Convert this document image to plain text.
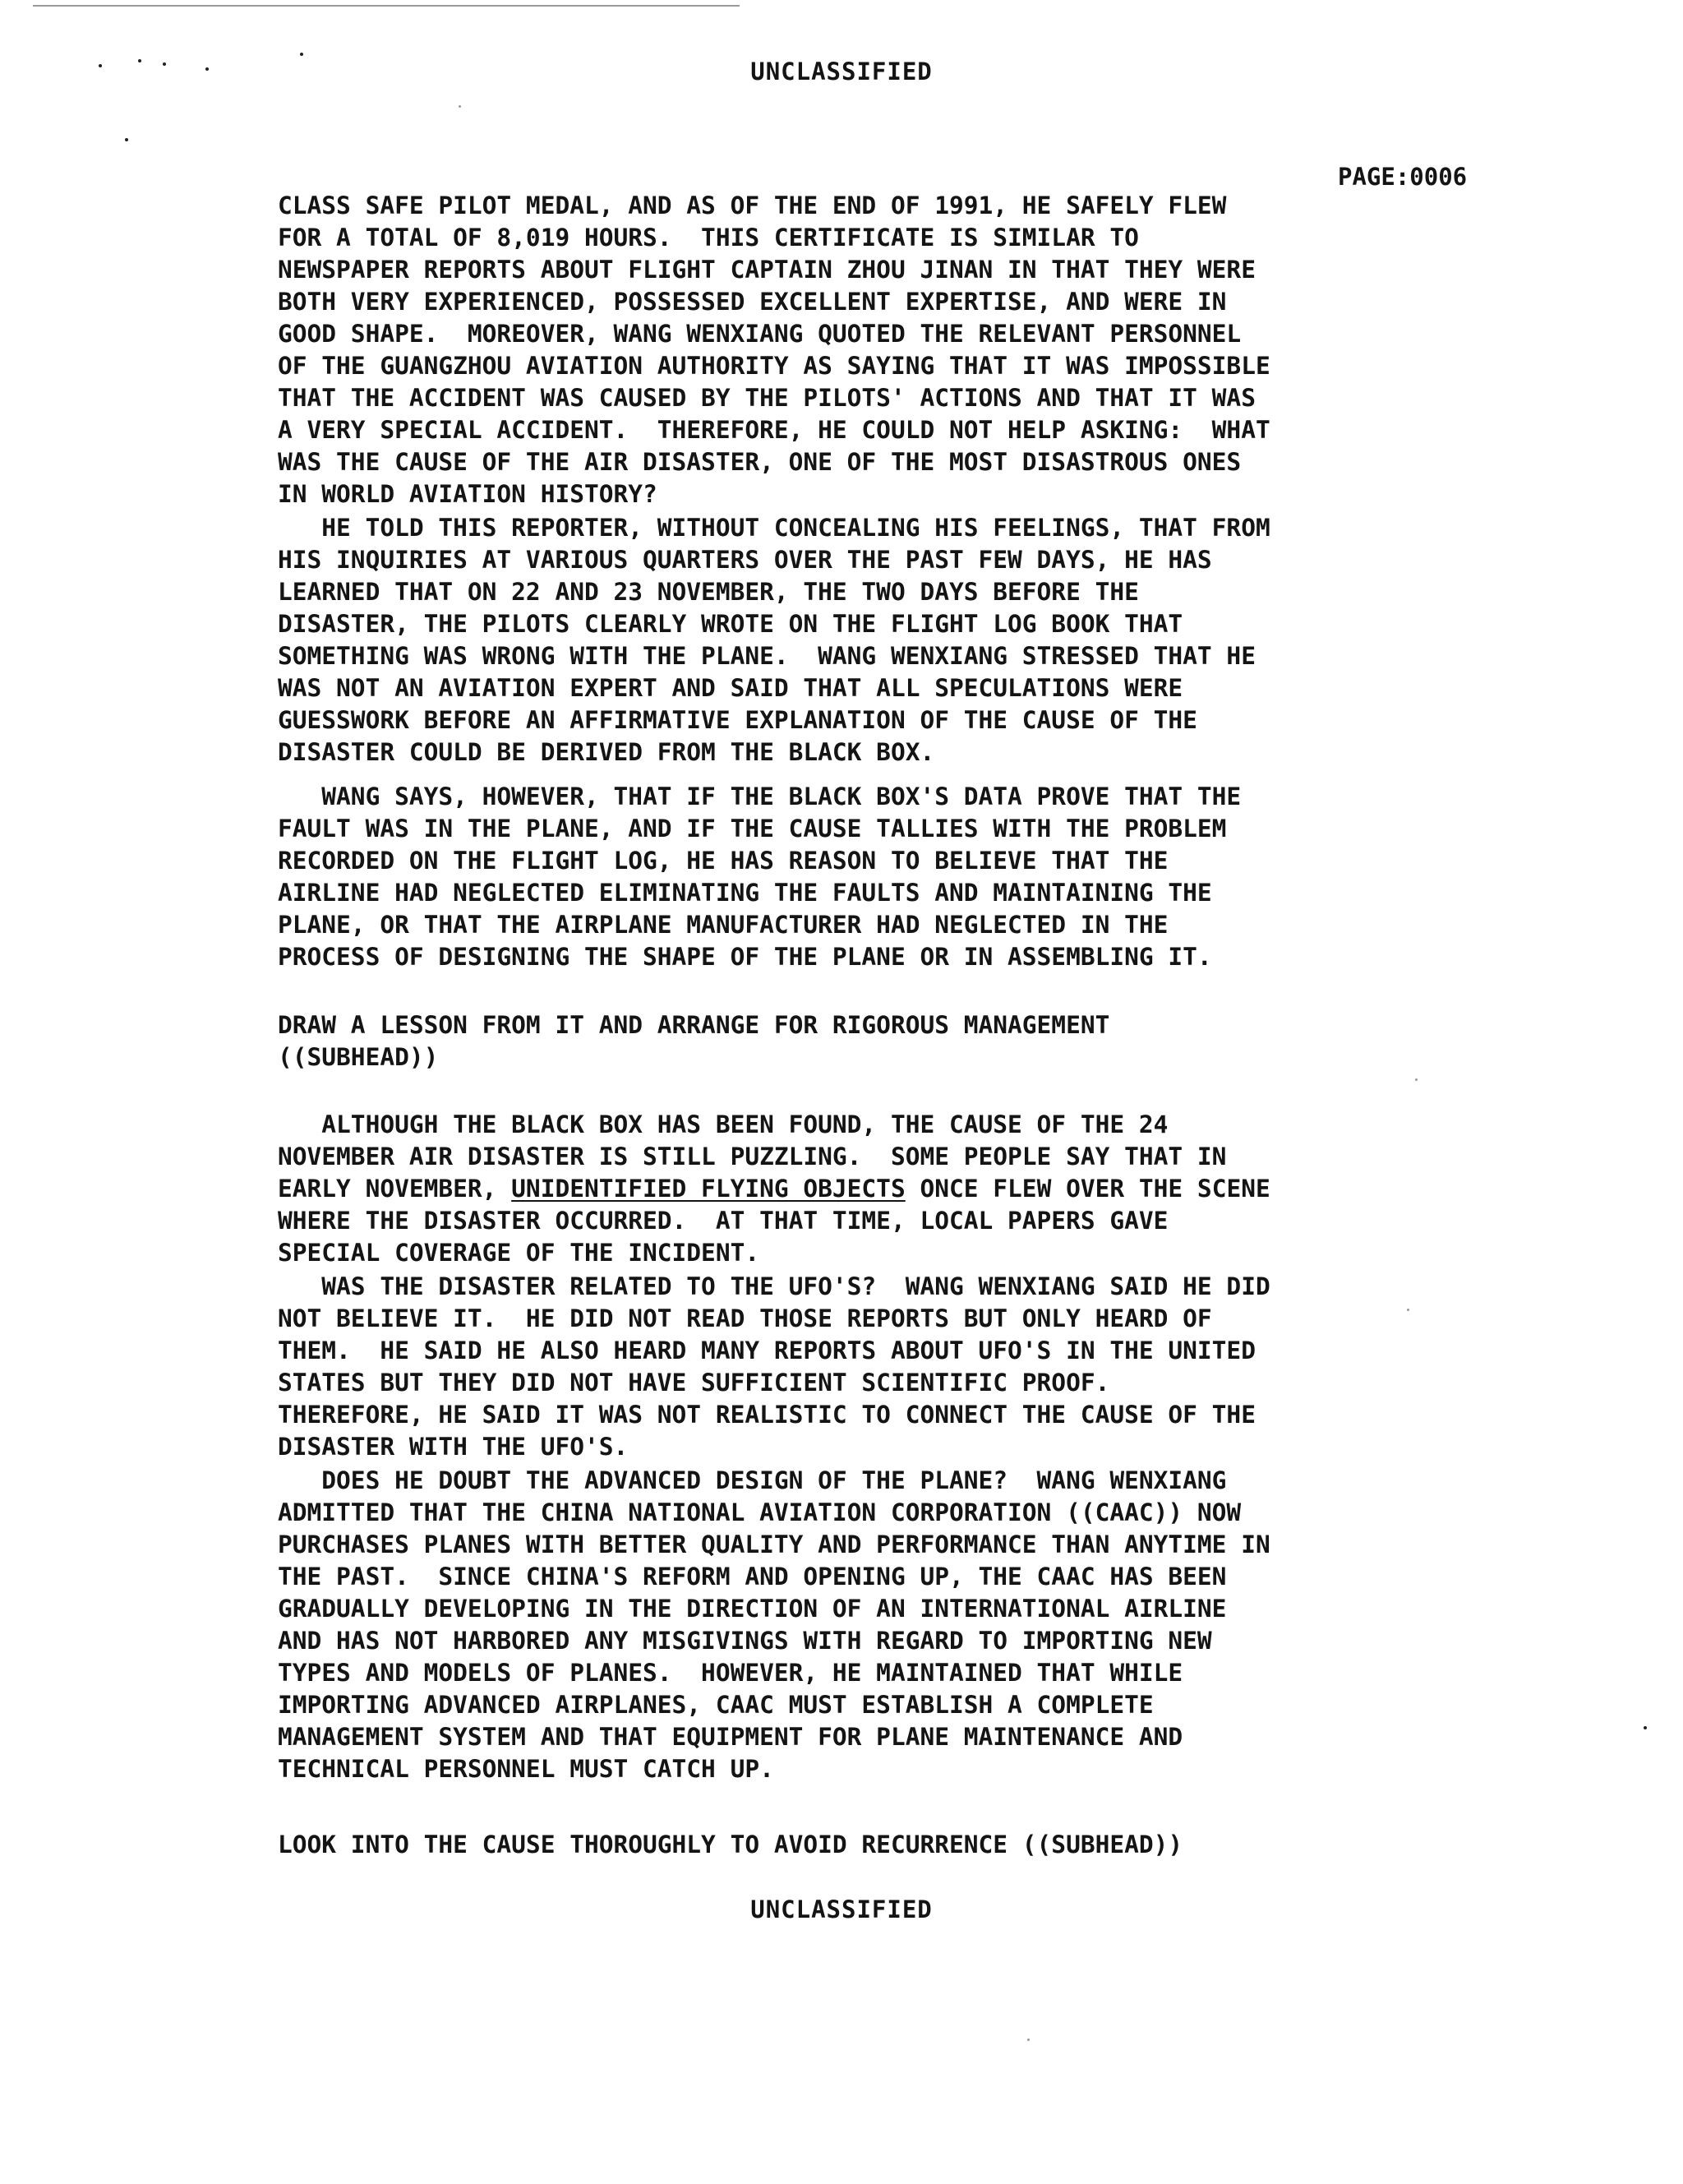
UNCLASSIFIED
PAGE:0006
CLASS SAFE PILOT MEDAL, AND AS OF THE END OF 1991, HE SAFELY FLEW
FOR A TOTAL OF 8,019 HOURS.  THIS CERTIFICATE IS SIMILAR TO
NEWSPAPER REPORTS ABOUT FLIGHT CAPTAIN ZHOU JINAN IN THAT THEY WERE
BOTH VERY EXPERIENCED, POSSESSED EXCELLENT EXPERTISE, AND WERE IN
GOOD SHAPE.  MOREOVER, WANG WENXIANG QUOTED THE RELEVANT PERSONNEL
OF THE GUANGZHOU AVIATION AUTHORITY AS SAYING THAT IT WAS IMPOSSIBLE
THAT THE ACCIDENT WAS CAUSED BY THE PILOTS' ACTIONS AND THAT IT WAS
A VERY SPECIAL ACCIDENT.  THEREFORE, HE COULD NOT HELP ASKING:  WHAT
WAS THE CAUSE OF THE AIR DISASTER, ONE OF THE MOST DISASTROUS ONES
IN WORLD AVIATION HISTORY?
HE TOLD THIS REPORTER, WITHOUT CONCEALING HIS FEELINGS, THAT FROM
HIS INQUIRIES AT VARIOUS QUARTERS OVER THE PAST FEW DAYS, HE HAS
LEARNED THAT ON 22 AND 23 NOVEMBER, THE TWO DAYS BEFORE THE
DISASTER, THE PILOTS CLEARLY WROTE ON THE FLIGHT LOG BOOK THAT
SOMETHING WAS WRONG WITH THE PLANE.  WANG WENXIANG STRESSED THAT HE
WAS NOT AN AVIATION EXPERT AND SAID THAT ALL SPECULATIONS WERE
GUESSWORK BEFORE AN AFFIRMATIVE EXPLANATION OF THE CAUSE OF THE
DISASTER COULD BE DERIVED FROM THE BLACK BOX.
WANG SAYS, HOWEVER, THAT IF THE BLACK BOX'S DATA PROVE THAT THE
FAULT WAS IN THE PLANE, AND IF THE CAUSE TALLIES WITH THE PROBLEM
RECORDED ON THE FLIGHT LOG, HE HAS REASON TO BELIEVE THAT THE
AIRLINE HAD NEGLECTED ELIMINATING THE FAULTS AND MAINTAINING THE
PLANE, OR THAT THE AIRPLANE MANUFACTURER HAD NEGLECTED IN THE
PROCESS OF DESIGNING THE SHAPE OF THE PLANE OR IN ASSEMBLING IT.
DRAW A LESSON FROM IT AND ARRANGE FOR RIGOROUS MANAGEMENT
((SUBHEAD))
ALTHOUGH THE BLACK BOX HAS BEEN FOUND, THE CAUSE OF THE 24
NOVEMBER AIR DISASTER IS STILL PUZZLING.  SOME PEOPLE SAY THAT IN
EARLY NOVEMBER, UNIDENTIFIED FLYING OBJECTS ONCE FLEW OVER THE SCENE
WHERE THE DISASTER OCCURRED.  AT THAT TIME, LOCAL PAPERS GAVE
SPECIAL COVERAGE OF THE INCIDENT.
WAS THE DISASTER RELATED TO THE UFO'S?  WANG WENXIANG SAID HE DID
NOT BELIEVE IT.  HE DID NOT READ THOSE REPORTS BUT ONLY HEARD OF
THEM.  HE SAID HE ALSO HEARD MANY REPORTS ABOUT UFO'S IN THE UNITED
STATES BUT THEY DID NOT HAVE SUFFICIENT SCIENTIFIC PROOF.
THEREFORE, HE SAID IT WAS NOT REALISTIC TO CONNECT THE CAUSE OF THE
DISASTER WITH THE UFO'S.
DOES HE DOUBT THE ADVANCED DESIGN OF THE PLANE?  WANG WENXIANG
ADMITTED THAT THE CHINA NATIONAL AVIATION CORPORATION ((CAAC)) NOW
PURCHASES PLANES WITH BETTER QUALITY AND PERFORMANCE THAN ANYTIME IN
THE PAST.  SINCE CHINA'S REFORM AND OPENING UP, THE CAAC HAS BEEN
GRADUALLY DEVELOPING IN THE DIRECTION OF AN INTERNATIONAL AIRLINE
AND HAS NOT HARBORED ANY MISGIVINGS WITH REGARD TO IMPORTING NEW
TYPES AND MODELS OF PLANES.  HOWEVER, HE MAINTAINED THAT WHILE
IMPORTING ADVANCED AIRPLANES, CAAC MUST ESTABLISH A COMPLETE
MANAGEMENT SYSTEM AND THAT EQUIPMENT FOR PLANE MAINTENANCE AND
TECHNICAL PERSONNEL MUST CATCH UP.
LOOK INTO THE CAUSE THOROUGHLY TO AVOID RECURRENCE ((SUBHEAD))
UNCLASSIFIED
